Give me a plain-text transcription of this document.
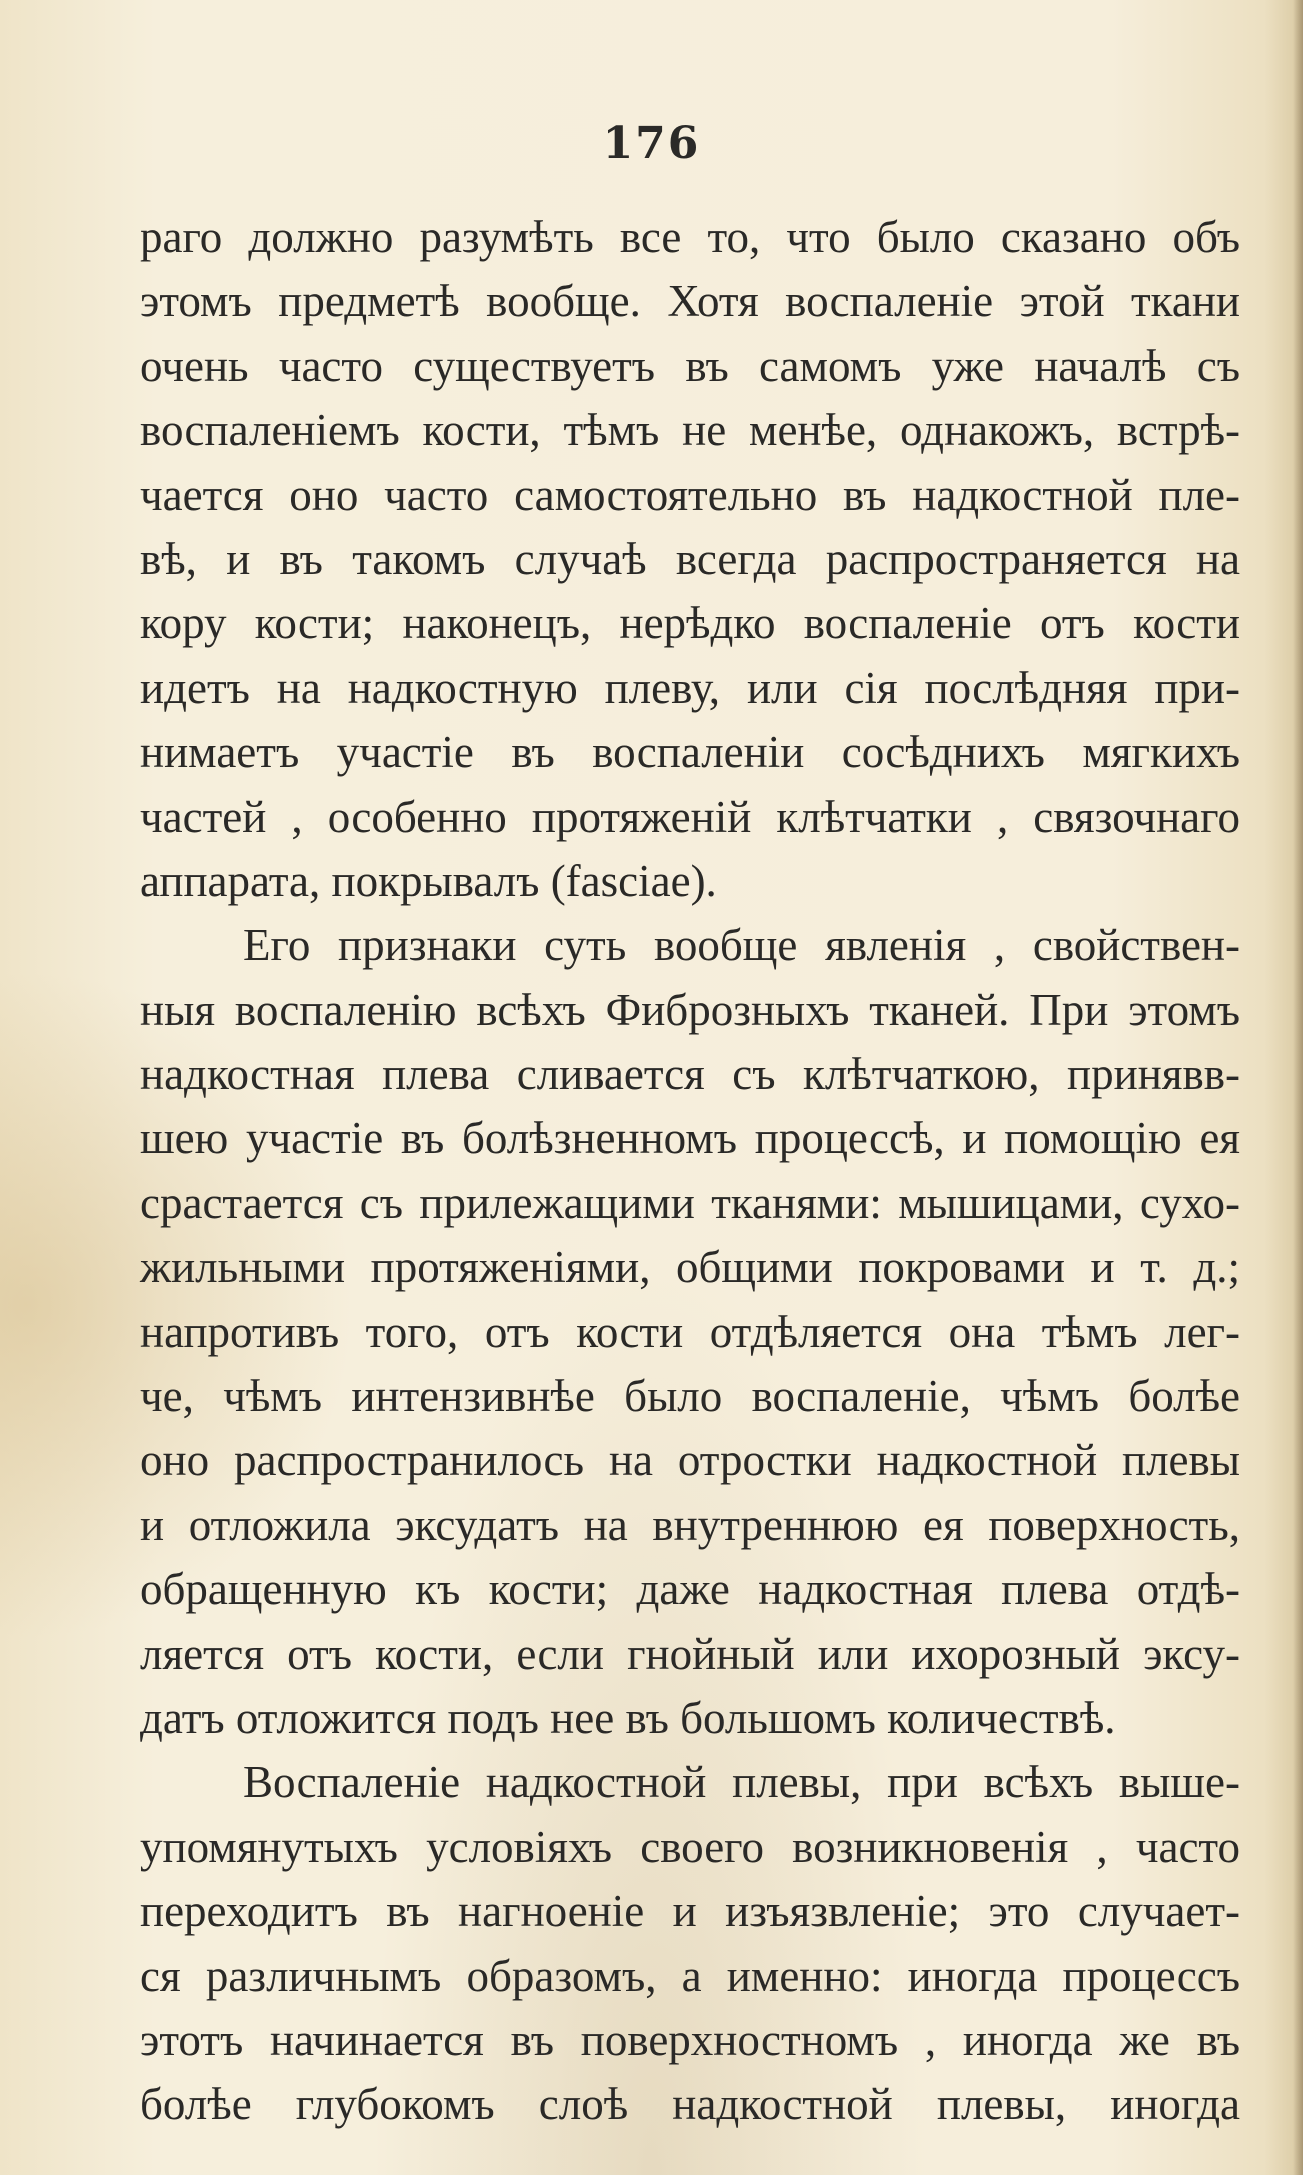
176
раго должно разумѣть все то, что было сказано объ
этомъ предметѣ вообще. Хотя воспаленіе этой ткани
очень часто существуетъ въ самомъ уже началѣ съ
воспаленіемъ кости, тѣмъ не менѣе, однакожъ, встрѣ-
чается оно часто самостоятельно въ надкостной пле-
вѣ, и въ такомъ случаѣ всегда распространяется на
кору кости; наконецъ, нерѣдко воспаленіе отъ кости
идетъ на надкостную плеву, или сія послѣдняя при-
нимаетъ участіе въ воспаленіи сосѣднихъ мягкихъ
частей , особенно протяженій клѣтчатки , связочнаго
аппарата, покрывалъ (fasciae).
Его признаки суть вообще явленія , свойствен-
ныя воспаленію всѣхъ Фиброзныхъ тканей. При этомъ
надкостная плева сливается съ клѣтчаткою, принявв-
шею участіе въ болѣзненномъ процессѣ, и помощію ея
срастается съ прилежащими тканями: мышицами, сухо-
жильными протяженіями, общими покровами и т. д.;
напротивъ того, отъ кости отдѣляется она тѣмъ лег-
че, чѣмъ интензивнѣе было воспаленіе, чѣмъ болѣе
оно распространилось на отростки надкостной плевы
и отложила эксудатъ на внутреннюю ея поверхность,
обращенную къ кости; даже надкостная плева отдѣ-
ляется отъ кости, если гнойный или ихорозный эксу-
датъ отложится подъ нее въ большомъ количествѣ.
Воспаленіе надкостной плевы, при всѣхъ выше-
упомянутыхъ условіяхъ своего возникновенія , часто
переходитъ въ нагноеніе и изъязвленіе; это случает-
ся различнымъ образомъ, а именно: иногда процессъ
этотъ начинается въ поверхностномъ , иногда же въ
болѣе глубокомъ слоѣ надкостной плевы, иногда
